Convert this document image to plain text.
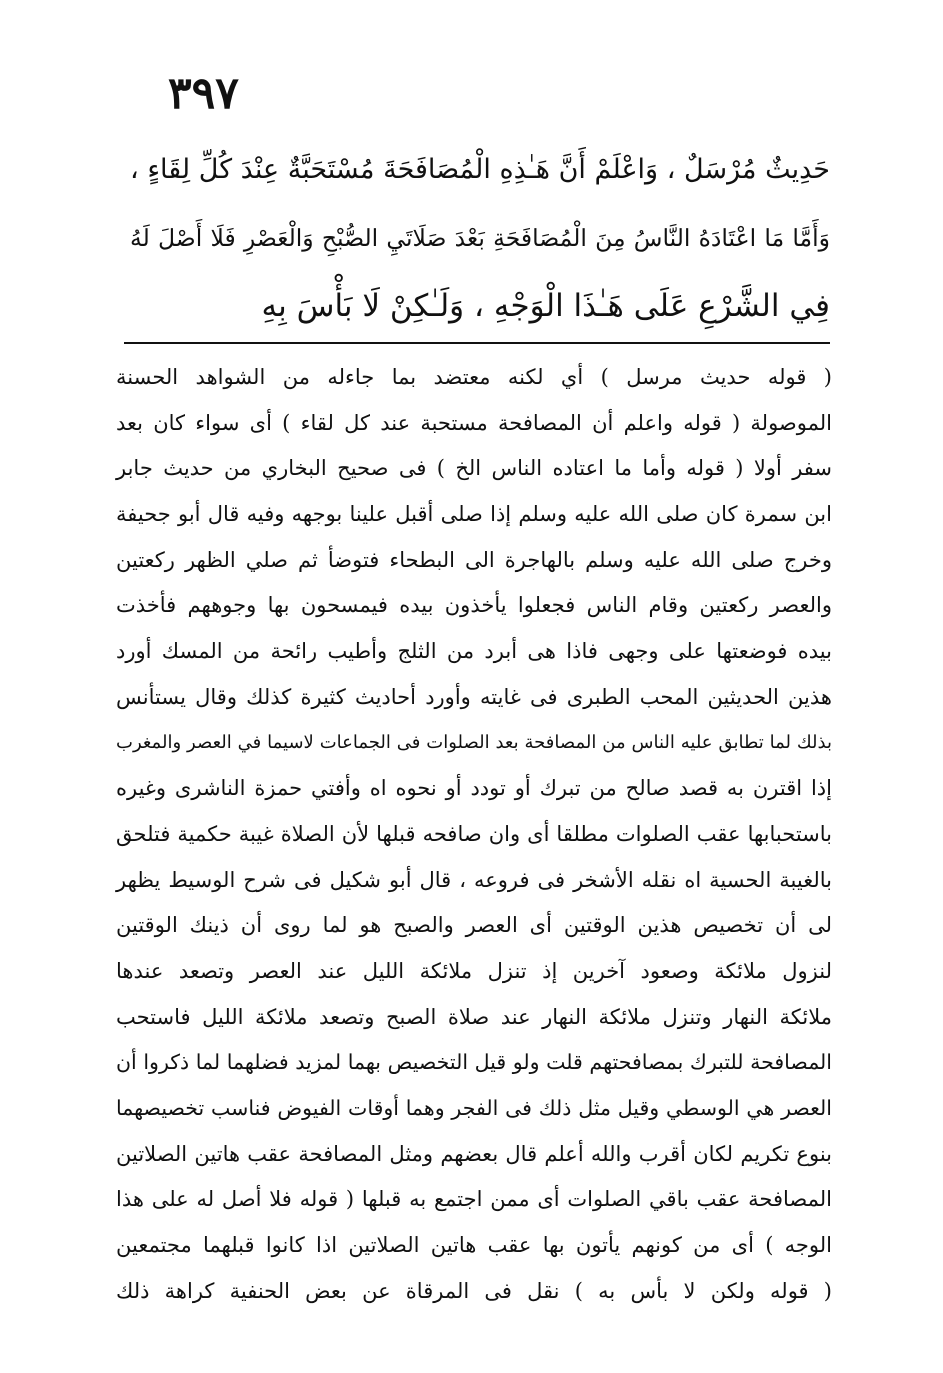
٣٩٧
حَدِيثٌ مُرْسَلٌ ، وَاعْلَمْ أَنَّ هَـٰذِهِ الْمُصَافَحَةَ مُسْتَحَبَّةٌ عِنْدَ كُلِّ لِقَاءٍ ،
وَأَمَّا مَا اعْتَادَهُ النَّاسُ مِنَ الْمُصَافَحَةِ بَعْدَ صَلَاتَيِ الصُّبْحِ وَالْعَصْرِ فَلَا أَصْلَ لَهُ
فِي الشَّرْعِ عَلَى هَـٰذَا الْوَجْهِ ، وَلَـٰكِنْ لَا بَأْسَ بِهِ
( قوله حديث مرسل ) أي لكنه معتضد بما جاءله من الشواهد الحسنة
الموصولة ( قوله واعلم أن المصافحة مستحبة عند كل لقاء ) أى سواء كان بعد
سفر أولا ( قوله وأما ما اعتاده الناس الخ ) فى صحيح البخاري من حديث جابر
ابن سمرة كان صلى الله عليه وسلم إذا صلى أقبل علينا بوجهه وفيه قال أبو جحيفة
وخرج صلى الله عليه وسلم بالهاجرة الى البطحاء فتوضأ ثم صلي الظهر ركعتين
والعصر ركعتين وقام الناس فجعلوا يأخذون بيده فيمسحون بها وجوههم فأخذت
بيده فوضعتها على وجهى فاذا هى أبرد من الثلج وأطيب رائحة من المسك أورد
هذين الحديثين المحب الطبرى فى غايته وأورد أحاديث كثيرة كذلك وقال يستأنس
بذلك لما تطابق عليه الناس من المصافحة بعد الصلوات فى الجماعات لاسيما في العصر والمغرب
إذا اقترن به قصد صالح من تبرك أو تودد أو نحوه اه وأفتي حمزة الناشرى وغيره
باستحبابها عقب الصلوات مطلقا أى وان صافحه قبلها لأن الصلاة غيبة حكمية فتلحق
بالغيبة الحسية اه نقله الأشخر فى فروعه ، قال أبو شكيل فى شرح الوسيط يظهر
لى أن تخصيص هذين الوقتين أى العصر والصبح هو لما روى أن ذينك الوقتين
لنزول ملائكة وصعود آخرين إذ تنزل ملائكة الليل عند العصر وتصعد عندها
ملائكة النهار وتنزل ملائكة النهار عند صلاة الصبح وتصعد ملائكة الليل فاستحب
المصافحة للتبرك بمصافحتهم قلت ولو قيل التخصيص بهما لمزيد فضلهما لما ذكروا أن
العصر هي الوسطي وقيل مثل ذلك فى الفجر وهما أوقات الفيوض فناسب تخصيصهما
بنوع تكريم لكان أقرب والله أعلم قال بعضهم ومثل المصافحة عقب هاتين الصلاتين
المصافحة عقب باقي الصلوات أى ممن اجتمع به قبلها ( قوله فلا أصل له على هذا
الوجه ) أى من كونهم يأتون بها عقب هاتين الصلاتين اذا كانوا قبلهما مجتمعين
( قوله ولكن لا بأس به ) نقل فى المرقاة عن بعض الحنفية كراهة ذلك
